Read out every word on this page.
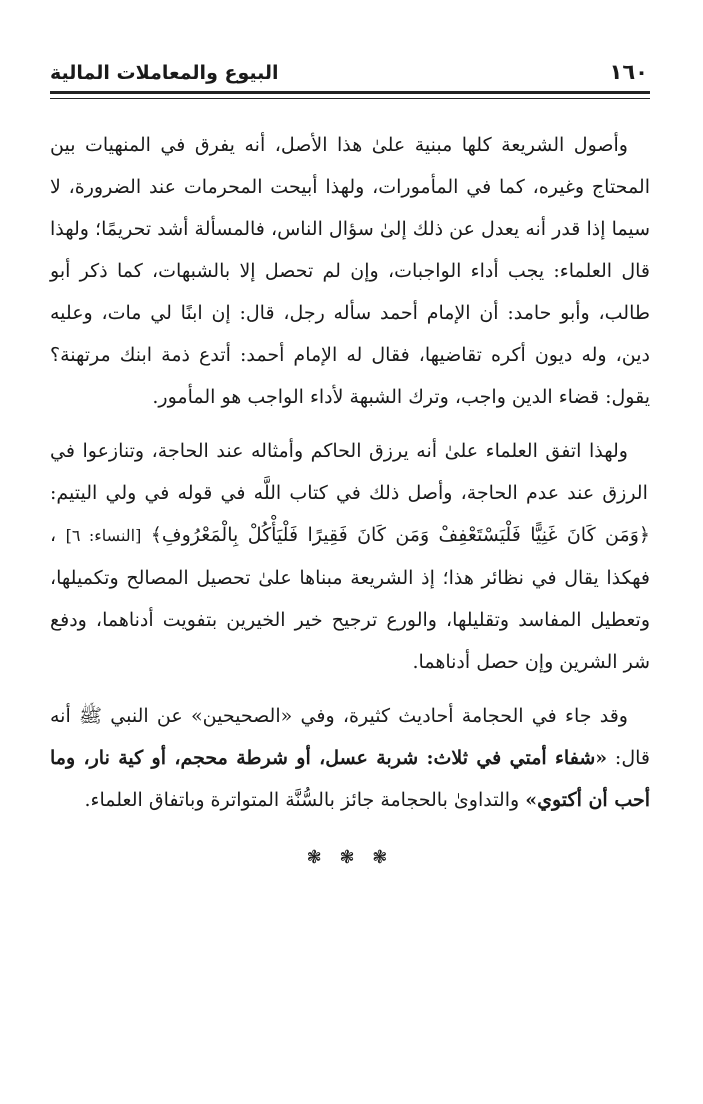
١٦٠
البيوع والمعاملات المالية

وأصول الشريعة كلها مبنية علىٰ هذا الأصل، أنه يفرق في المنهيات بين المحتاج وغيره، كما في المأمورات، ولهذا أبيحت المحرمات عند الضرورة، لا سيما إذا قدر أنه يعدل عن ذلك إلىٰ سؤال الناس، فالمسألة أشد تحريمًا؛ ولهذا قال العلماء: يجب أداء الواجبات، وإن لم تحصل إلا بالشبهات، كما ذكر أبو طالب، وأبو حامد: أن الإمام أحمد سأله رجل، قال: إن ابنًا لي مات، وعليه دين، وله ديون أكره تقاضيها، فقال له الإمام أحمد: أتدع ذمة ابنك مرتهنة؟ يقول: قضاء الدين واجب، وترك الشبهة لأداء الواجب هو المأمور.

ولهذا اتفق العلماء علىٰ أنه يرزق الحاكم وأمثاله عند الحاجة، وتنازعوا في الرزق عند عدم الحاجة، وأصل ذلك في كتاب اللَّه في قوله في ولي اليتيم: ﴿وَمَن كَانَ غَنِيًّا فَلْيَسْتَعْفِفْ وَمَن كَانَ فَقِيرًا فَلْيَأْكُلْ بِالْمَعْرُوفِ﴾ [النساء: ٦] ، فهكذا يقال في نظائر هذا؛ إذ الشريعة مبناها علىٰ تحصيل المصالح وتكميلها، وتعطيل المفاسد وتقليلها، والورع ترجيح خير الخيرين بتفويت أدناهما، ودفع شر الشرين وإن حصل أدناهما.

وقد جاء في الحجامة أحاديث كثيرة، وفي «الصحيحين» عن النبي ﷺ أنه قال: «شفاء أمتي في ثلاث: شربة عسل، أو شرطة محجم، أو كية نار، وما أحب أن أكتوي» والتداوىٰ بالحجامة جائز بالسُّنَّة المتواترة وباتفاق العلماء.

❃ ❃ ❃
